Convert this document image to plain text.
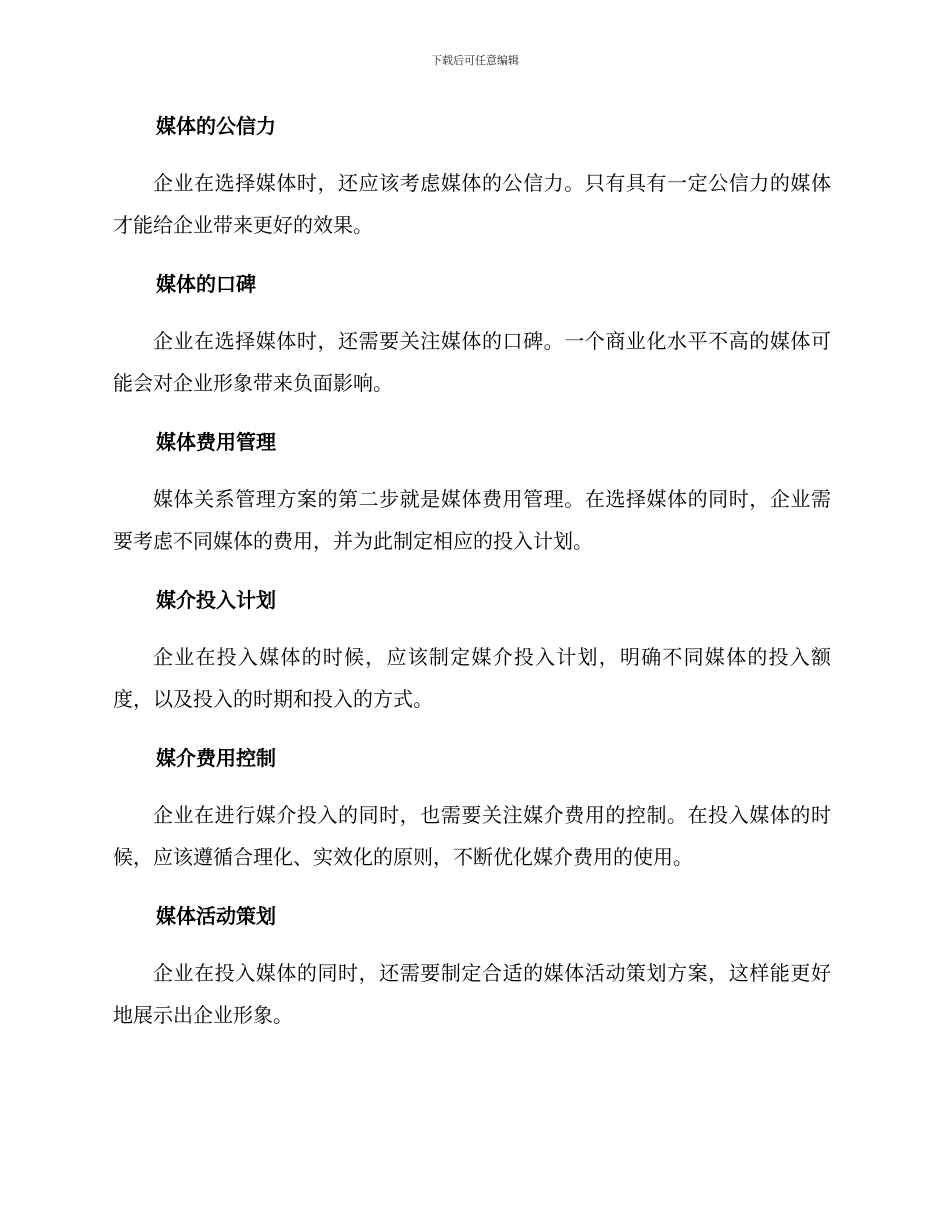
下载后可任意编辑
媒体的公信力

企业在选择媒体时，还应该考虑媒体的公信力。只有具有一定公信力的媒体才能给企业带来更好的效果。

媒体的口碑

企业在选择媒体时，还需要关注媒体的口碑。一个商业化水平不高的媒体可能会对企业形象带来负面影响。

媒体费用管理

媒体关系管理方案的第二步就是媒体费用管理。在选择媒体的同时，企业需要考虑不同媒体的费用，并为此制定相应的投入计划。

媒介投入计划

企业在投入媒体的时候，应该制定媒介投入计划，明确不同媒体的投入额度，以及投入的时期和投入的方式。

媒介费用控制

企业在进行媒介投入的同时，也需要关注媒介费用的控制。在投入媒体的时候，应该遵循合理化、实效化的原则，不断优化媒介费用的使用。

媒体活动策划

企业在投入媒体的同时，还需要制定合适的媒体活动策划方案，这样能更好地展示出企业形象。
